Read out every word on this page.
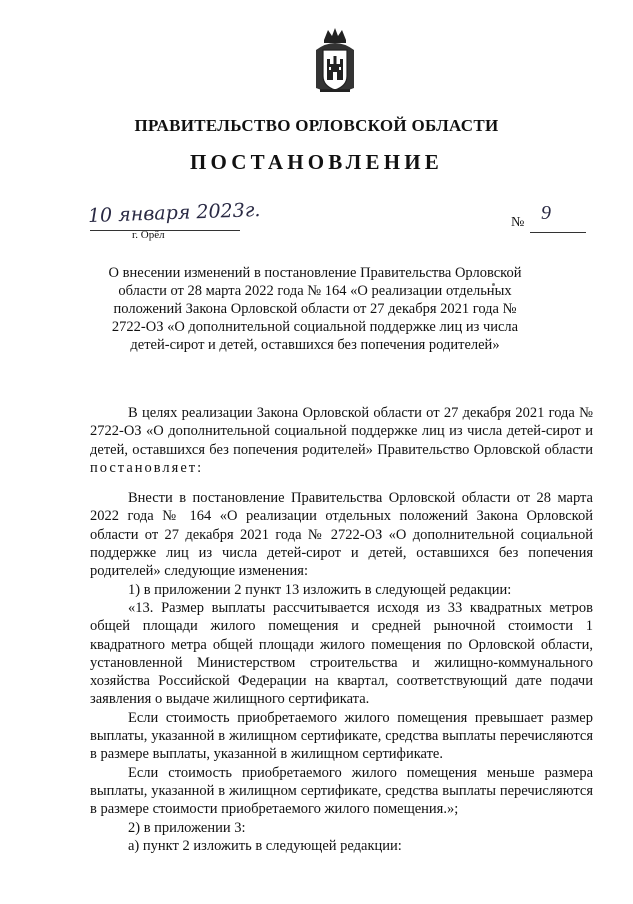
ПРАВИТЕЛЬСТВО ОРЛОВСКОЙ ОБЛАСТИ
ПОСТАНОВЛЕНИЕ
10 января 2023г.
г. Орёл
№ 9
О внесении изменений в постановление Правительства Орловской области от 28 марта 2022 года № 164 «О реализации отдельных положений Закона Орловской области от 27 декабря 2021 года № 2722-ОЗ «О дополнительной социальной поддержке лиц из числа детей-сирот и детей, оставшихся без попечения родителей»

В целях реализации Закона Орловской области от 27 декабря 2021 года № 2722-ОЗ «О дополнительной социальной поддержке лиц из числа детей-сирот и детей, оставшихся без попечения родителей» Правительство Орловской области постановляет:

Внести в постановление Правительства Орловской области от 28 марта 2022 года № 164 «О реализации отдельных положений Закона Орловской области от 27 декабря 2021 года № 2722-ОЗ «О дополнительной социальной поддержке лиц из числа детей-сирот и детей, оставшихся без попечения родителей» следующие изменения:

1) в приложении 2 пункт 13 изложить в следующей редакции:

«13. Размер выплаты рассчитывается исходя из 33 квадратных метров общей площади жилого помещения и средней рыночной стоимости 1 квадратного метра общей площади жилого помещения по Орловской области, установленной Министерством строительства и жилищно-коммунального хозяйства Российской Федерации на квартал, соответствующий дате подачи заявления о выдаче жилищного сертификата.

Если стоимость приобретаемого жилого помещения превышает размер выплаты, указанной в жилищном сертификате, средства выплаты перечисляются в размере выплаты, указанной в жилищном сертификате.

Если стоимость приобретаемого жилого помещения меньше размера выплаты, указанной в жилищном сертификате, средства выплаты перечисляются в размере стоимости приобретаемого жилого помещения.»;

2) в приложении 3:

а) пункт 2 изложить в следующей редакции:
